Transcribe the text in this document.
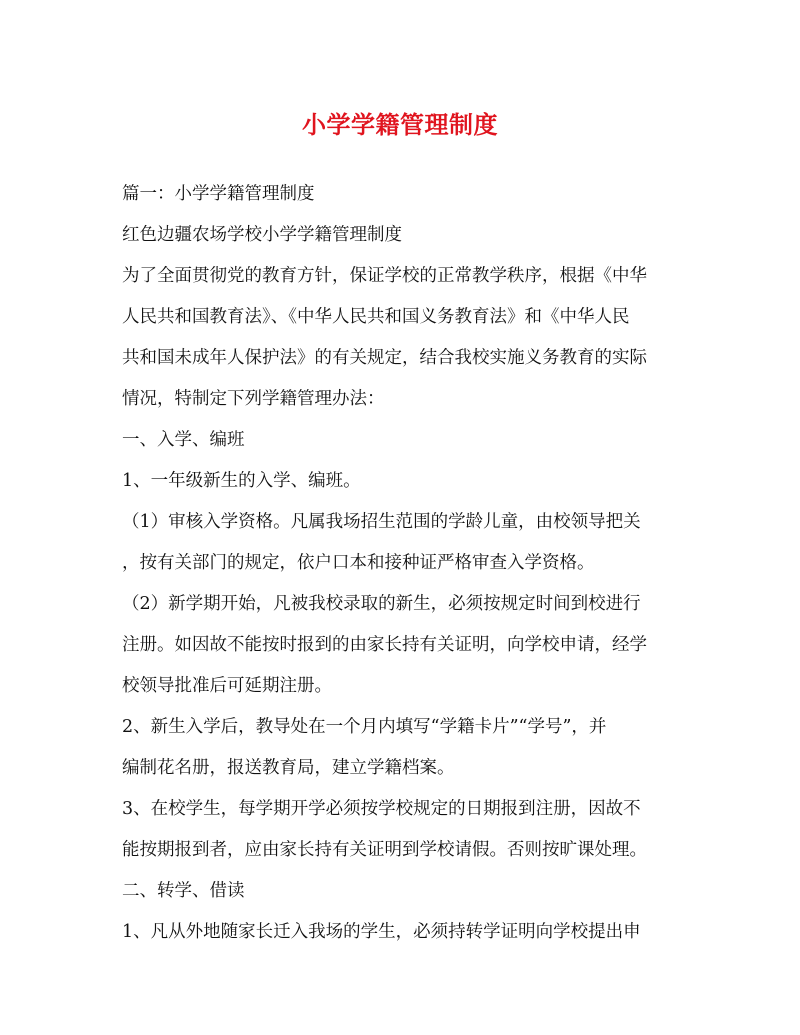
小学学籍管理制度
篇一：小学学籍管理制度
红色边疆农场学校小学学籍管理制度
为了全面贯彻党的教育方针，保证学校的正常教学秩序，根据《中华
人民共和国教育法》、《中华人民共和国义务教育法》和《中华人民
共和国未成年人保护法》的有关规定，结合我校实施义务教育的实际
情况，特制定下列学籍管理办法：
一、入学、编班
1、一年级新生的入学、编班。
（1）审核入学资格。凡属我场招生范围的学龄儿童，由校领导把关
，按有关部门的规定，依户口本和接种证严格审查入学资格。
（2）新学期开始，凡被我校录取的新生，必须按规定时间到校进行
注册。如因故不能按时报到的由家长持有关证明，向学校申请，经学
校领导批准后可延期注册。
2、新生入学后，教导处在一个月内填写“学籍卡片”“学号”，并
编制花名册，报送教育局，建立学籍档案。
3、在校学生，每学期开学必须按学校规定的日期报到注册，因故不
能按期报到者，应由家长持有关证明到学校请假。否则按旷课处理。
二、转学、借读
1、凡从外地随家长迁入我场的学生，必须持转学证明向学校提出申
